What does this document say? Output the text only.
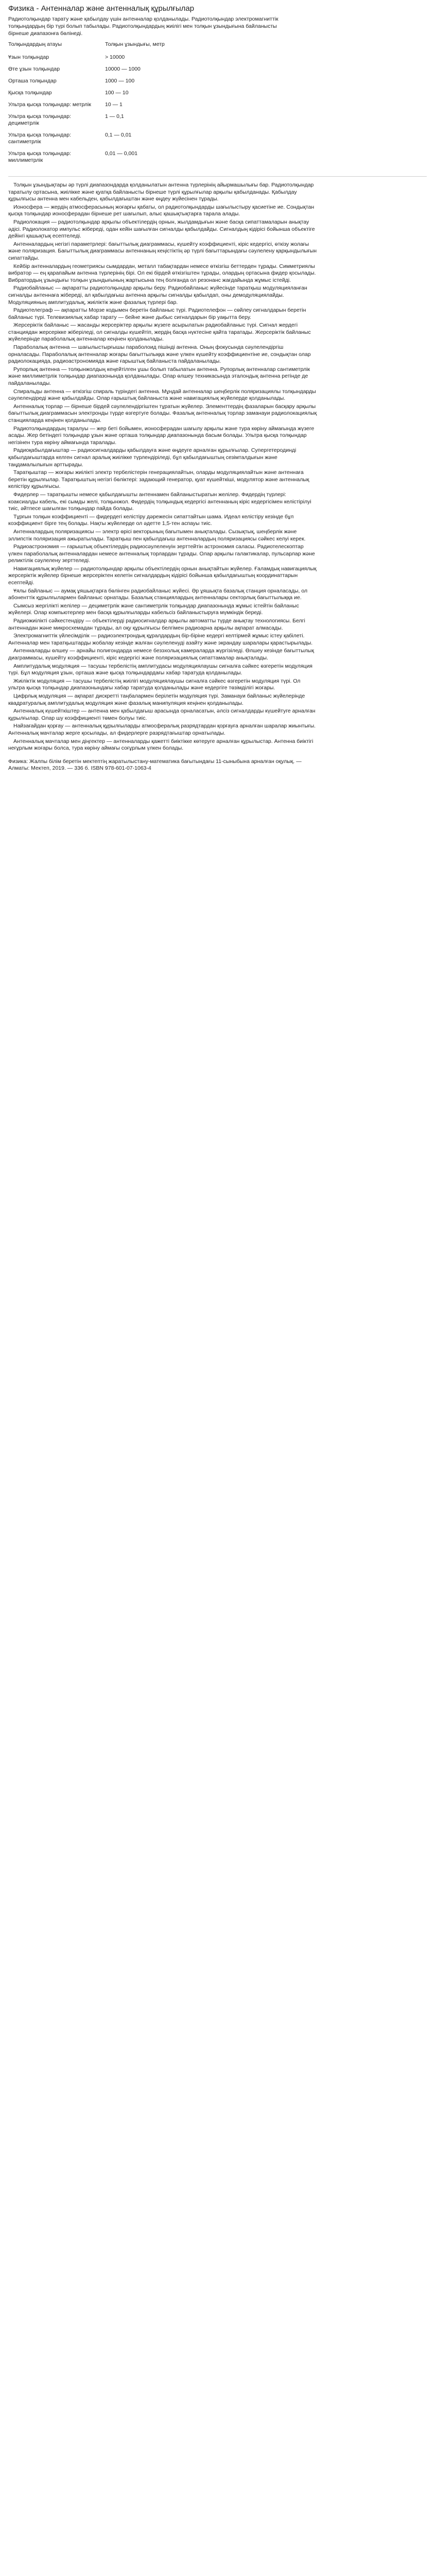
Физика - Антенналар және антенналық құрылғылар

Радиотолқындар тарату және қабылдау үшін антенналар қолданылады. Радиотолқындар электромагниттік толқындардың бір түрі болып табылады. Радиотолқындардың жиілігі мен толқын ұзындығына байланысты бірнеше диапазонға бөлінеді.

Толқындардың атауы	Толқын ұзындығы, метр
Ұзын толқындар	> 10000
Өте ұзын толқындар	10000 — 1000
Орташа толқындар	1000 — 100
Қысқа толқындар	100 — 10
Ультра қысқа толқындар: метрлік	10 — 1
Ультра қысқа толқындар: дециметрлік	1 — 0,1
Ультра қысқа толқындар: сантиметрлік	0,1 — 0,01
Ультра қысқа толқындар: миллиметрлік	0,01 — 0,001

Толқын ұзындықтары әр түрлі диапазондарда қолданылатын антенна түрлерінің айырмашылығы бар. Радиотолқындар таратылу ортасына, жиілікке және қуатқа байланысты бірнеше түрлі құрылғылар арқылы қабылданады. Қабылдау құрылғысы антенна мен кабельден, қабылдағыштан және өңдеу жүйесінен тұрады.

Ионосфера — жердің атмосферасының жоғарғы қабаты, ол радиотолқындарды шағылыстыру қасиетіне ие. Сондықтан қысқа толқындар ионосферадан бірнеше рет шағылып, алыс қашықтықтарға тарала алады.

Радиолокация — радиотолқындар арқылы объектілердің орнын, жылдамдығын және басқа сипаттамаларын анықтау әдісі. Радиолокатор импульс жібереді, одан кейін шағылған сигналды қабылдайды. Сигналдың кідірісі бойынша объектіге дейінгі қашықтық есептеледі.

Антенналардың негізгі параметрлері: бағыттылық диаграммасы, күшейту коэффициенті, кіріс кедергісі, өткізу жолағы және поляризация. Бағыттылық диаграммасы антеннаның кеңістіктің әр түрлі бағыттарындағы сәулелену қарқындылығын сипаттайды.

Кейбір антенналардың геометриясы сымдардан, металл табақтардан немесе өткізгіш беттерден тұрады. Симметриялы вибратор — ең қарапайым антенна түрлерінің бірі. Ол екі бірдей өткізгіштен тұрады, олардың ортасына фидер қосылады. Вибратордың ұзындығы толқын ұзындығының жартысына тең болғанда ол резонанс жағдайында жұмыс істейді.

Радиобайланыс — ақпаратты радиотолқындар арқылы беру. Радиобайланыс жүйесінде таратқыш модуляцияланған сигналды антеннаға жібереді, ал қабылдағыш антенна арқылы сигналды қабылдап, оны демодуляциялайды. Модуляцияның амплитудалық, жиіліктік және фазалық түрлері бар.

Радиотелеграф — ақпаратты Морзе кодымен беретін байланыс түрі. Радиотелефон — сөйлеу сигналдарын беретін байланыс түрі. Телевизиялық хабар тарату — бейне және дыбыс сигналдарын бір уақытта беру.

Жерсеріктік байланыс — жасанды жерсеріктер арқылы жүзеге асырылатын радиобайланыс түрі. Сигнал жердегі станциядан жерсерікке жіберіледі, ол сигналды күшейтіп, жердің басқа нүктесіне қайта таратады. Жерсеріктік байланыс жүйелерінде параболалық антенналар кеңінен қолданылады.

Параболалық антенна — шағылыстырғышы параболоид пішінді антенна. Оның фокусында сәулелендіргіш орналасады. Параболалық антенналар жоғары бағыттылыққа және үлкен күшейту коэффициентіне ие, сондықтан олар радиолокацияда, радиоастрономияда және ғарыштық байланыста пайдаланылады.

Рупорлық антенна — толқынжолдың кеңейтілген ұшы болып табылатын антенна. Рупорлық антенналар сантиметрлік және миллиметрлік толқындар диапазонында қолданылады. Олар өлшеу техникасында эталондық антенна ретінде де пайдаланылады.

Спиральды антенна — өткізгіш спираль түріндегі антенна. Мұндай антенналар шеңберлік поляризациялы толқындарды сәулелендіреді және қабылдайды. Олар ғарыштық байланыста және навигациялық жүйелерде қолданылады.

Антенналық торлар — бірнеше бірдей сәулелендіргіштен тұратын жүйелер. Элементтердің фазаларын басқару арқылы бағыттылық диаграммасын электронды түрде өзгертуге болады. Фазалық антенналық торлар заманауи радиолокациялық станцияларда кеңінен қолданылады.

Радиотолқындардың таралуы — жер беті бойымен, ионосферадан шағылу арқылы және тура көріну аймағында жүзеге асады. Жер бетіндегі толқындар ұзын және орташа толқындар диапазонында басым болады. Ультра қысқа толқындар негізінен тура көріну аймағында таралады.

Радиоқабылдағыштар — радиосигналдарды қабылдауға және өңдеуге арналған құрылғылар. Супергетеродинді қабылдағыштарда келген сигнал аралық жиілікке түрлендіріледі, бұл қабылдағыштың сезімталдығын және таңдамалылығын арттырады.

Таратқыштар — жоғары жиілікті электр тербелістерін генерациялайтын, оларды модуляциялайтын және антеннаға беретін құрылғылар. Таратқыштың негізгі бөліктері: задающий генератор, қуат күшейткіші, модулятор және антенналық келістіру құрылғысы.

Фидерлер — таратқышты немесе қабылдағышты антеннамен байланыстыратын желілер. Фидердің түрлері: коаксиалды кабель, екі сымды желі, толқынжол. Фидердің толқындық кедергісі антеннаның кіріс кедергісімен келістірілуі тиіс, әйтпесе шағылған толқындар пайда болады.

Тұрғын толқын коэффициенті — фидердегі келістіру дәрежесін сипаттайтын шама. Идеал келістіру кезінде бұл коэффициент бірге тең болады. Нақты жүйелерде ол әдетте 1,5-тен аспауы тиіс.

Антенналардың поляризациясы — электр өрісі векторының бағытымен анықталады. Сызықтық, шеңберлік және эллипстік поляризация ажыратылады. Таратқыш пен қабылдағыш антенналардың поляризациясы сәйкес келуі керек.

Радиоастрономия — ғарыштық объектілердің радиосәулеленуін зерттейтін астрономия саласы. Радиотелескоптар үлкен параболалық антенналардан немесе антенналық торлардан тұрады. Олар арқылы галактикалар, пульсарлар және реликтілік сәулелену зерттеледі.

Навигациялық жүйелер — радиотолқындар арқылы объектілердің орнын анықтайтын жүйелер. Ғаламдық навигациялық жерсеріктік жүйелер бірнеше жерсеріктен келетін сигналдардың кідірісі бойынша қабылдағыштың координаттарын есептейді.

Ұялы байланыс — аумақ ұяшықтарға бөлінген радиобайланыс жүйесі. Әр ұяшықта базалық станция орналасады, ол абоненттік құрылғылармен байланыс орнатады. Базалық станциялардың антенналары секторлық бағыттылыққа ие.

Сымсыз жергілікті желілер — дециметрлік және сантиметрлік толқындар диапазонында жұмыс істейтін байланыс жүйелері. Олар компьютерлер мен басқа құрылғыларды кабельсіз байланыстыруға мүмкіндік береді.

Радиожиілікті сәйкестендіру — объектілерді радиосигналдар арқылы автоматты түрде анықтау технологиясы. Белгі антеннадан және микросхемадан тұрады, ал оқу құрылғысы белгімен радиоарна арқылы ақпарат алмасады.

Электромагниттік үйлесімділік — радиоэлектрондық құралдардың бір-біріне кедергі келтірмей жұмыс істеу қабілеті. Антенналар мен таратқыштарды жобалау кезінде жалған сәулеленуді азайту және экрандау шаралары қарастырылады.

Антенналарды өлшеу — арнайы полигондарда немесе безэхолық камераларда жүргізіледі. Өлшеу кезінде бағыттылық диаграммасы, күшейту коэффициенті, кіріс кедергісі және поляризациялық сипаттамалар анықталады.

Амплитудалық модуляция — тасушы тербелістің амплитудасы модуляциялаушы сигналға сәйкес өзгеретін модуляция түрі. Бұл модуляция ұзын, орташа және қысқа толқындардағы хабар таратуда қолданылады.

Жиіліктік модуляция — тасушы тербелістің жиілігі модуляциялаушы сигналға сәйкес өзгеретін модуляция түрі. Ол ультра қысқа толқындар диапазонындағы хабар таратуда қолданылады және кедергіге төзімділігі жоғары.

Цифрлық модуляция — ақпарат дискретті таңбалармен берілетін модуляция түрі. Заманауи байланыс жүйелерінде квадратуралық амплитудалық модуляция және фазалық манипуляция кеңінен қолданылады.

Антенналық күшейткіштер — антенна мен қабылдағыш арасында орналасатын, әлсіз сигналдарды күшейтуге арналған құрылғылар. Олар шу коэффициенті төмен болуы тиіс.

Найзағайдан қорғау — антенналық құрылғыларды атмосфералық разрядтардан қорғауға арналған шаралар жиынтығы. Антенналық мачталар жерге қосылады, ал фидерлерге разрядтағыштар орнатылады.

Антенналық мачталар мен діңгектер — антенналарды қажетті биіктікке көтеруге арналған құрылыстар. Антенна биіктігі неғұрлым жоғары болса, тура көріну аймағы соғұрлым үлкен болады.

Физика: Жалпы білім беретін мектептің жаратылыстану-математика бағытындағы 11-сыныбына арналған оқулық. — Алматы: Мектеп, 2019. — 336 б. ISBN 978-601-07-1063-4
